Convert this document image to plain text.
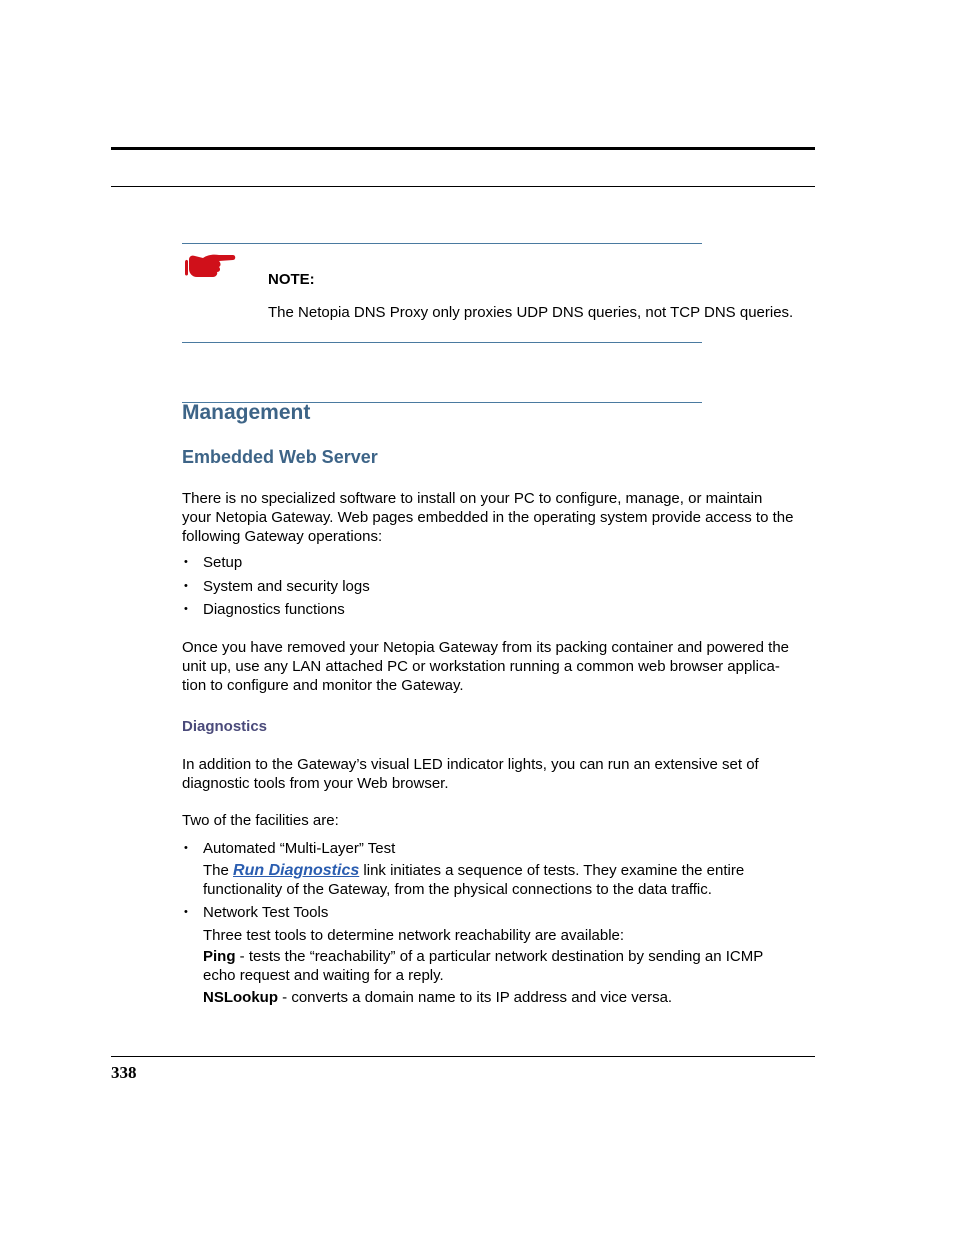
NOTE:
The Netopia DNS Proxy only proxies UDP DNS queries, not TCP DNS queries.
Management
Embedded Web Server

There is no specialized software to install on your PC to configure, manage, or maintain your Netopia Gateway. Web pages embedded in the operating system provide access to the following Gateway operations:

• Setup
• System and security logs
• Diagnostics functions

Once you have removed your Netopia Gateway from its packing container and powered the unit up, use any LAN attached PC or workstation running a common web browser applica-tion to configure and monitor the Gateway.

Diagnostics

In addition to the Gateway’s visual LED indicator lights, you can run an extensive set of diagnostic tools from your Web browser.

Two of the facilities are:

• Automated “Multi-Layer” Test
The Run Diagnostics link initiates a sequence of tests. They examine the entire functionality of the Gateway, from the physical connections to the data traffic.
• Network Test Tools
Three test tools to determine network reachability are available:
Ping - tests the “reachability” of a particular network destination by sending an ICMP echo request and waiting for a reply.
NSLookup - converts a domain name to its IP address and vice versa.
338
